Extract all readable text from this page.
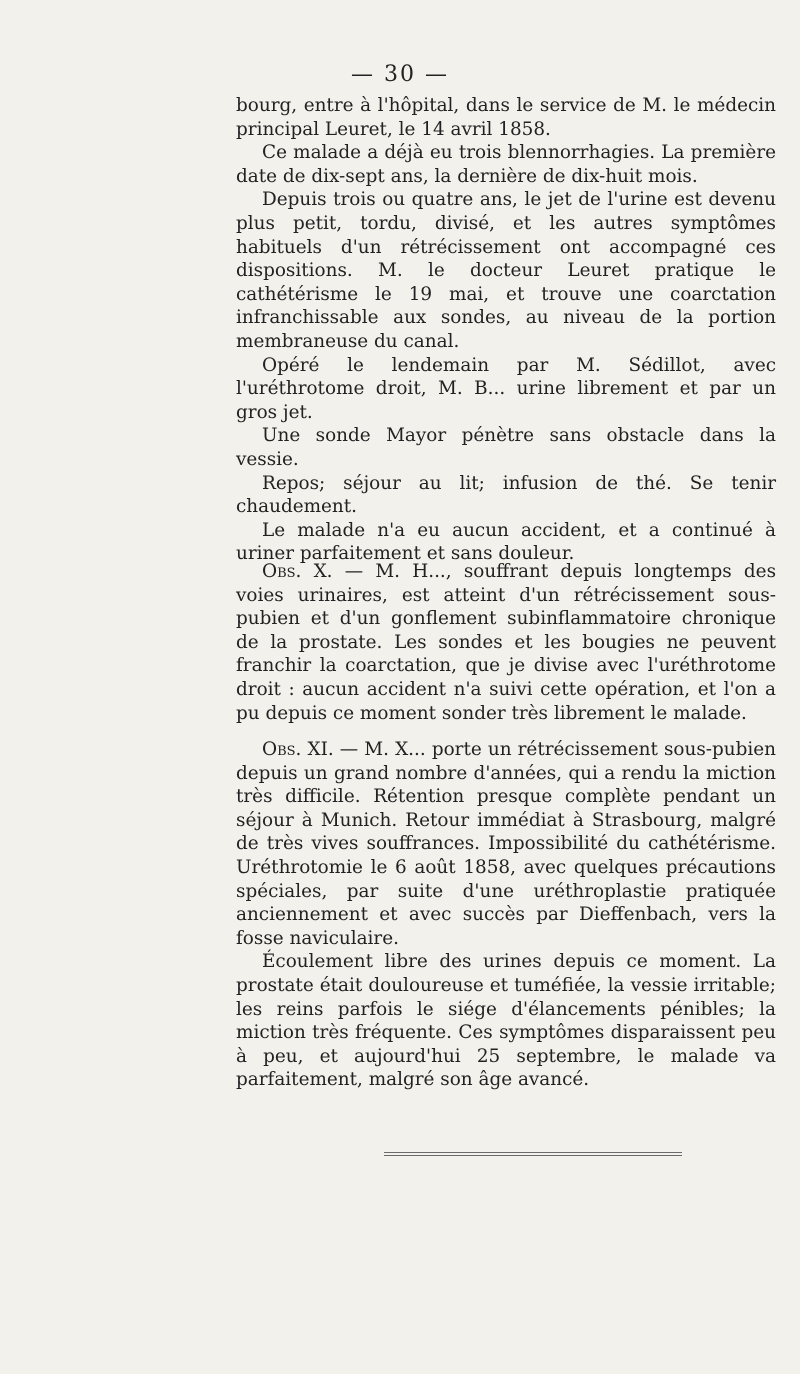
— 30 —

bourg, entre à l'hôpital, dans le service de M. le médecin principal Leuret, le 14 avril 1858.

Ce malade a déjà eu trois blennorrhagies. La première date de dix-sept ans, la dernière de dix-huit mois.

Depuis trois ou quatre ans, le jet de l'urine est devenu plus petit, tordu, divisé, et les autres symptômes habituels d'un rétrécissement ont accompagné ces dispositions. M. le docteur Leuret pratique le cathétérisme le 19 mai, et trouve une coarctation infranchissable aux sondes, au niveau de la portion membraneuse du canal.

Opéré le lendemain par M. Sédillot, avec l'uréthrotome droit, M. B... urine librement et par un gros jet.

Une sonde Mayor pénètre sans obstacle dans la vessie.

Repos; séjour au lit; infusion de thé. Se tenir chaudement.

Le malade n'a eu aucun accident, et a continué à uriner parfaitement et sans douleur.

Obs. X. — M. H..., souffrant depuis longtemps des voies urinaires, est atteint d'un rétrécissement sous-pubien et d'un gonflement subinflammatoire chronique de la prostate. Les sondes et les bougies ne peuvent franchir la coarctation, que je divise avec l'uréthrotome droit : aucun accident n'a suivi cette opération, et l'on a pu depuis ce moment sonder très librement le malade.

Obs. XI. — M. X... porte un rétrécissement sous-pubien depuis un grand nombre d'années, qui a rendu la miction très difficile. Rétention presque complète pendant un séjour à Munich. Retour immédiat à Strasbourg, malgré de très vives souffrances. Impossibilité du cathétérisme. Uréthrotomie le 6 août 1858, avec quelques précautions spéciales, par suite d'une uréthroplastie pratiquée anciennement et avec succès par Dieffenbach, vers la fosse naviculaire.

Écoulement libre des urines depuis ce moment. La prostate était douloureuse et tuméfiée, la vessie irritable; les reins parfois le siége d'élancements pénibles; la miction très fréquente. Ces symptômes disparaissent peu à peu, et aujourd'hui 25 septembre, le malade va parfaitement, malgré son âge avancé.
